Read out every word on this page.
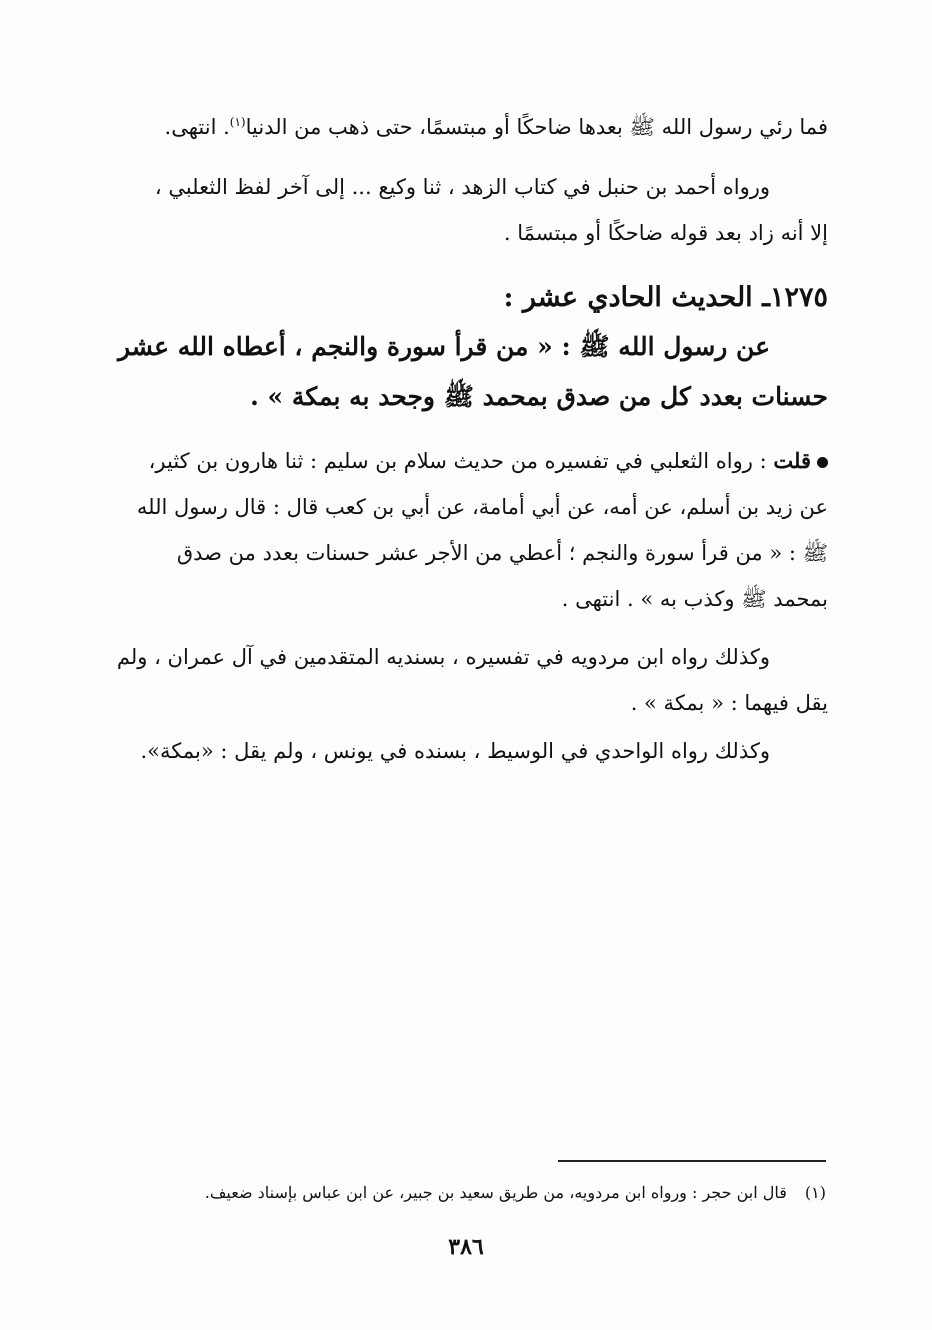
فما رئي رسول الله ﷺ بعدها ضاحكًا أو مبتسمًا، حتى ذهب من الدنيا$^{(١)}$. انتهى.
ورواه أحمد بن حنبل في كتاب الزهد ، ثنا وكيع ... إلى آخر لفظ الثعلبي ،
إلا أنه زاد بعد قوله ضاحكًا أو مبتسمًا .
١٢٧٥ـ الحديث الحادي عشر :
عن رسول الله ﷺ : « من قرأ سورة والنجم ، أعطاه الله عشر
حسنات بعدد كل من صدق بمحمد ﷺ وجحد به بمكة » .
قلت : رواه الثعلبي في تفسيره من حديث سلام بن سليم : ثنا هارون بن كثير،
عن زيد بن أسلم، عن أمه، عن أبي أمامة، عن أبي بن كعب قال : قال رسول الله
ﷺ : « من قرأ سورة والنجم ؛ أعطي من الأجر عشر حسنات بعدد من صدق
بمحمد ﷺ وكذب به » . انتهى .
وكذلك رواه ابن مردويه في تفسيره ، بسنديه المتقدمين في آل عمران ، ولم
يقل فيهما : « بمكة » .
وكذلك رواه الواحدي في الوسيط ، بسنده في يونس ، ولم يقل : «بمكة».
(١)قال ابن حجر : ورواه ابن مردويه، من طريق سعيد بن جبير، عن ابن عباس بإسناد ضعيف.
٣٨٦
